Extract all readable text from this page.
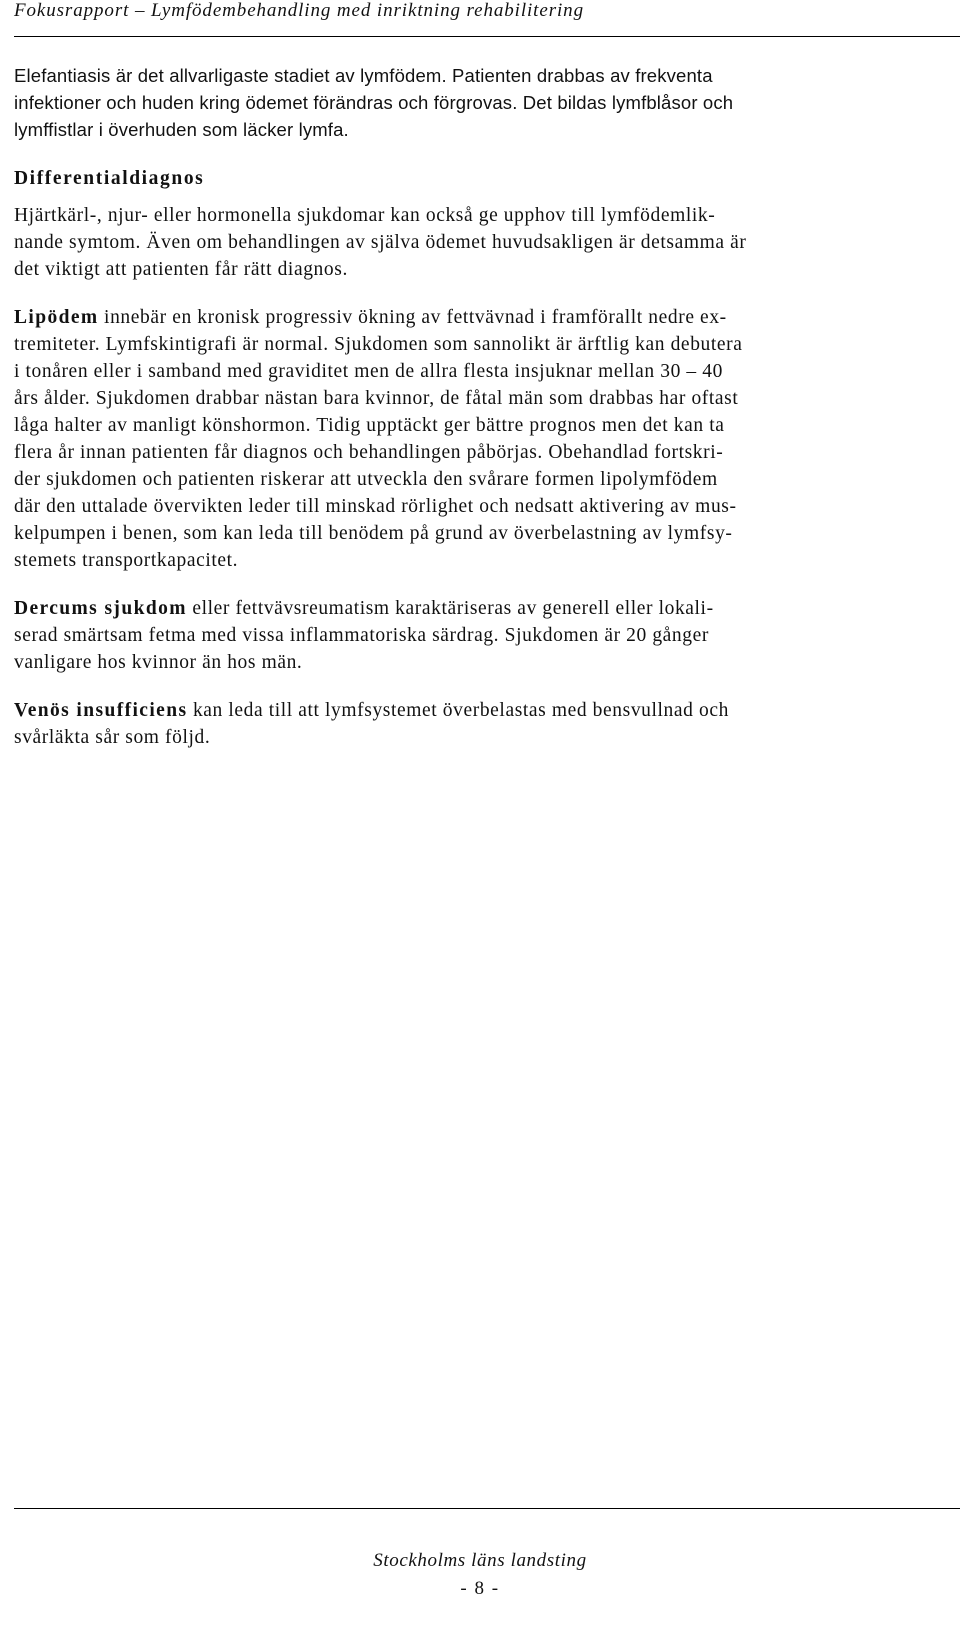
Fokusrapport – Lymfödembehandling med inriktning rehabilitering

Elefantiasis är det allvarligaste stadiet av lymfödem. Patienten drabbas av frekventa
infektioner och huden kring ödemet förändras och förgrovas. Det bildas lymfblåsor och
lymffistlar i överhuden som läcker lymfa.

Differentialdiagnos

Hjärtkärl-, njur- eller hormonella sjukdomar kan också ge upphov till lymfödemlik-
nande symtom. Även om behandlingen av själva ödemet huvudsakligen är detsamma är
det viktigt att patienten får rätt diagnos.

Lipödem innebär en kronisk progressiv ökning av fettvävnad i framförallt nedre ex-
tremiteter. Lymfskintigrafi är normal. Sjukdomen som sannolikt är ärftlig kan debutera
i tonåren eller i samband med graviditet men de allra flesta insjuknar mellan 30 – 40
års ålder. Sjukdomen drabbar nästan bara kvinnor, de fåtal män som drabbas har oftast
låga halter av manligt könshormon. Tidig upptäckt ger bättre prognos men det kan ta
flera år innan patienten får diagnos och behandlingen påbörjas. Obehandlad fortskri-
der sjukdomen och patienten riskerar att utveckla den svårare formen lipolymfödem
där den uttalade övervikten leder till minskad rörlighet och nedsatt aktivering av mus-
kelpumpen i benen, som kan leda till benödem på grund av överbelastning av lymfsy-
stemets transportkapacitet.

Dercums sjukdom eller fettvävsreumatism karaktäriseras av generell eller lokali-
serad smärtsam fetma med vissa inflammatoriska särdrag. Sjukdomen är 20 gånger
vanligare hos kvinnor än hos män.

Venös insufficiens kan leda till att lymfsystemet överbelastas med bensvullnad och
svårläkta sår som följd.

Stockholms läns landsting
- 8 -
